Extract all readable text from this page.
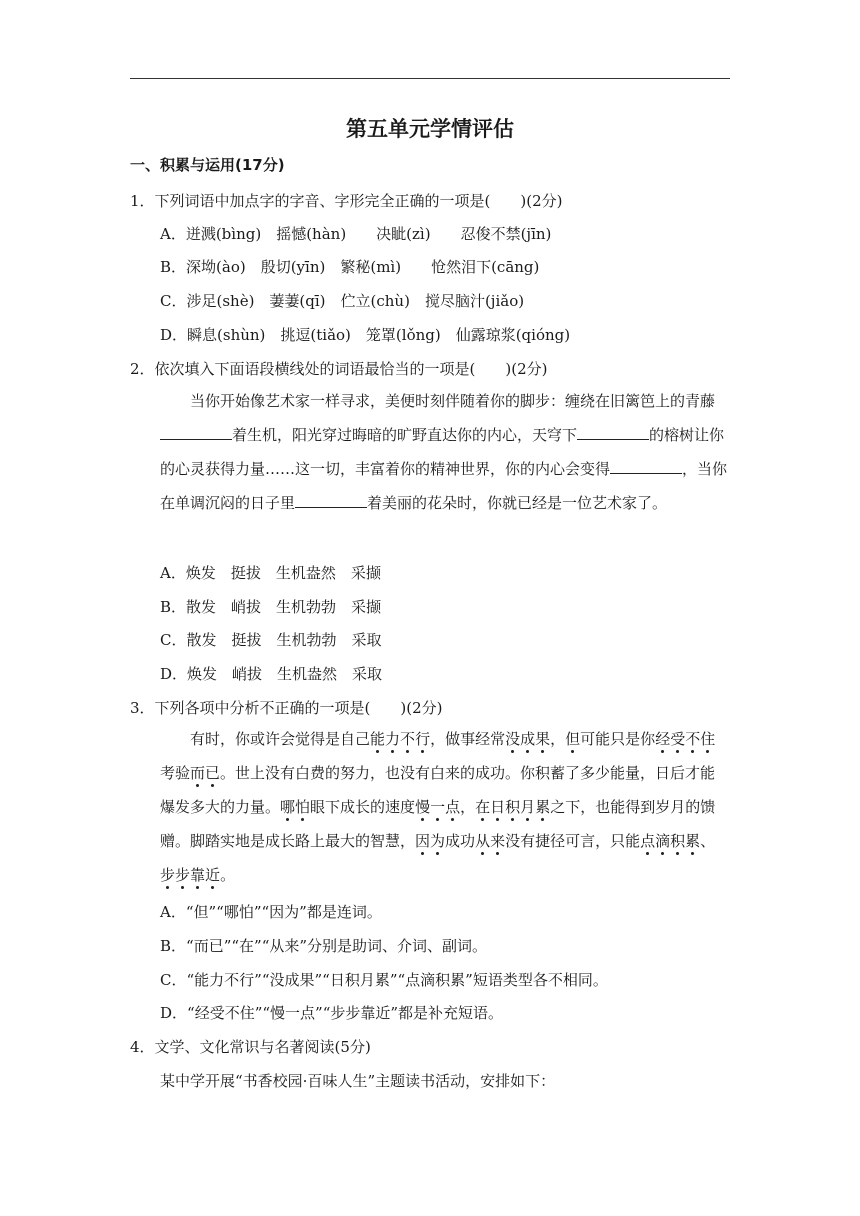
第五单元学情评估
一、积累与运用(17分)
1．下列词语中加点字的字音、字形完全正确的一项是(　　)(2分)
A．迸溅(bìng)　摇憾(hàn)　　决眦(zì)　　忍俊不禁(jīn)
B．深坳(ào)　殷切(yīn)　繁秘(mì)　　怆然泪下(cāng)
C．涉足(shè)　萋萋(qī)　伫立(chù)　搅尽脑汁(jiǎo)
D．瞬息(shùn)　挑逗(tiǎo)　笼罩(lǒng)　仙露琼浆(qióng)
2．依次填入下面语段横线处的词语最恰当的一项是(　　)(2分)
当你开始像艺术家一样寻求，美便时刻伴随着你的脚步：缠绕在旧篱笆上的青藤着生机，阳光穿过晦暗的旷野直达你的内心，天穹下	的榕树让你的心灵获得力量……这一切，丰富着你的精神世界，你的内心会变得	，当你在单调沉闷的日子里	着美丽的花朵时，你就已经是一位艺术家了。
A．焕发　挺拔　生机盎然　采撷
B．散发　峭拔　生机勃勃　采撷
C．散发　挺拔　生机勃勃　采取
D．焕发　峭拔　生机盎然　采取
3．下列各项中分析不正确的一项是(　　)(2分)
有时，你或许会觉得是自己能力不行，做事经常没成果，但可能只是你经受不住考验而已。世上没有白费的努力，也没有白来的成功。你积蓄了多少能量，日后才能爆发多大的力量。哪怕眼下成长的速度慢一点，在日积月累之下，也能得到岁月的馈赠。脚踏实地是成长路上最大的智慧，因为成功从来没有捷径可言，只能点滴积累、步步靠近。
A．“但”“哪怕”“因为”都是连词。
B．“而已”“在”“从来”分别是助词、介词、副词。
C．“能力不行”“没成果”“日积月累”“点滴积累”短语类型各不相同。
D．“经受不住”“慢一点”“步步靠近”都是补充短语。
4．文学、文化常识与名著阅读(5分)
某中学开展“书香校园·百味人生”主题读书活动，安排如下：
